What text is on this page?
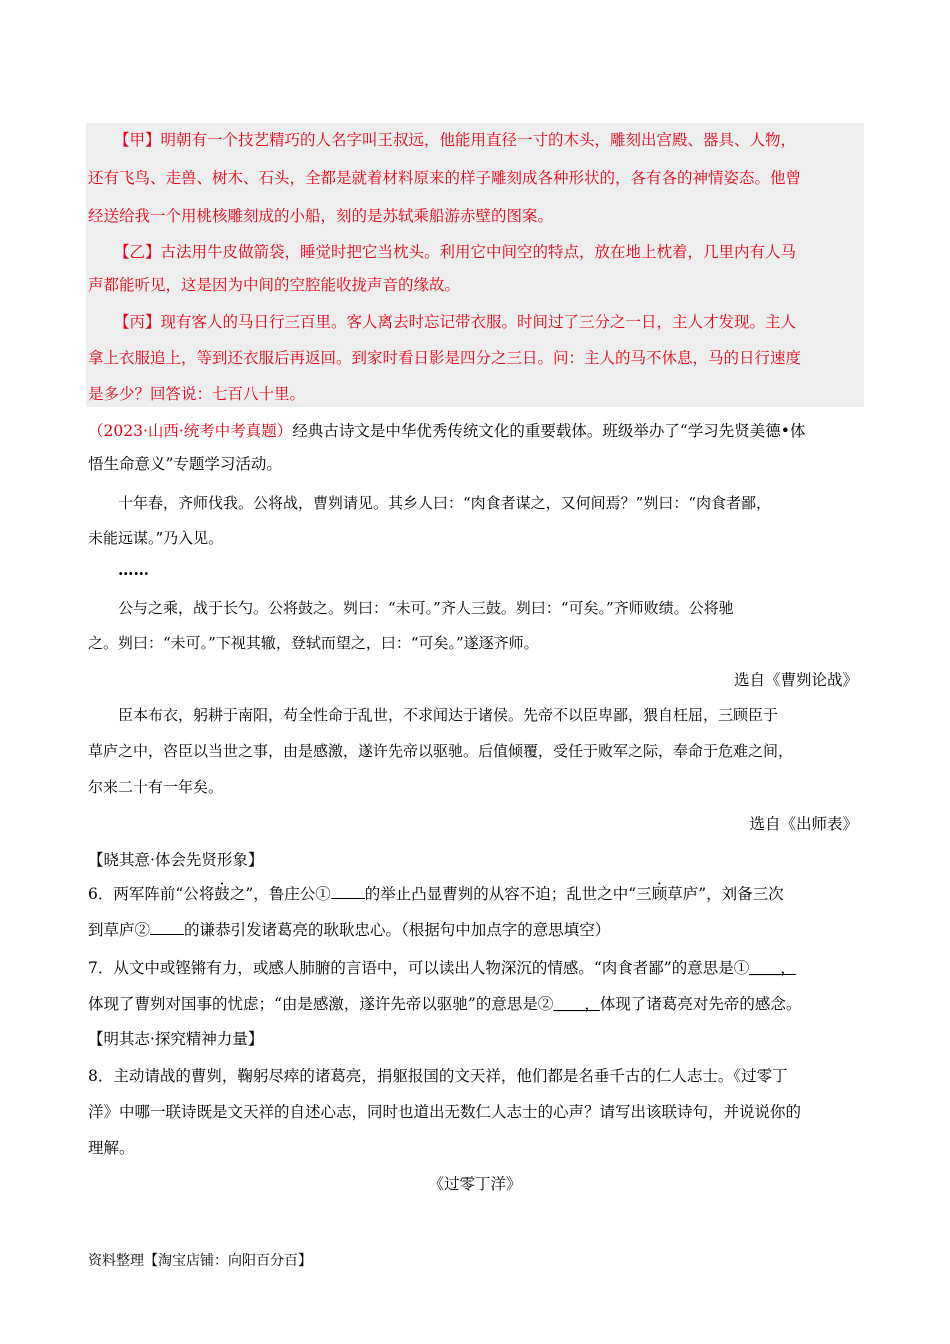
【甲】明朝有一个技艺精巧的人名字叫王叔远，他能用直径一寸的木头，雕刻出宫殿、器具、人物，
还有飞鸟、走兽、树木、石头，全都是就着材料原来的样子雕刻成各种形状的，各有各的神情姿态。他曾
经送给我一个用桃核雕刻成的小船，刻的是苏轼乘船游赤壁的图案。
【乙】古法用牛皮做箭袋，睡觉时把它当枕头。利用它中间空的特点，放在地上枕着，几里内有人马
声都能听见，这是因为中间的空腔能收拢声音的缘故。
【丙】现有客人的马日行三百里。客人离去时忘记带衣服。时间过了三分之一日，主人才发现。主人
拿上衣服追上，等到还衣服后再返回。到家时看日影是四分之三日。问：主人的马不休息，马的日行速度
是多少？回答说：七百八十里。
（2023·山西·统考中考真题）经典古诗文是中华优秀传统文化的重要载体。班级举办了“学习先贤美德•体
悟生命意义”专题学习活动。
十年春，齐师伐我。公将战，曹刿请见。其乡人曰：“肉食者谋之，又何间焉？”刿曰：“肉食者鄙，
未能远谋。”乃入见。
……
公与之乘，战于长勺。公将鼓之。刿曰：“未可。”齐人三鼓。刿曰：“可矣。”齐师败绩。公将驰
之。刿曰：“未可。”下视其辙，登轼而望之，曰：“可矣。”遂逐齐师。
选自《曹刿论战》
臣本布衣，躬耕于南阳，苟全性命于乱世，不求闻达于诸侯。先帝不以臣卑鄙，猥自枉屈，三顾臣于
草庐之中，咨臣以当世之事，由是感激，遂许先帝以驱驰。后值倾覆，受任于败军之际，奉命于危难之间，
尔来二十有一年矣。
选自《出师表》
【晓其意·体会先贤形象】
6．两军阵前“公将鼓之”，鲁庄公① 的举止凸显曹刿的从容不迫；乱世之中“三顾草庐”，刘备三次
到草庐② 的谦恭引发诸葛亮的耿耿忠心。（根据句中加点字的意思填空）
7．从文中或铿锵有力，或感人肺腑的言语中，可以读出人物深沉的情感。“肉食者鄙”的意思是①＿＿，
体现了曹刿对国事的忧虑；“由是感激，遂许先帝以驱驰”的意思是②＿＿，体现了诸葛亮对先帝的感念。
【明其志·探究精神力量】
8．主动请战的曹刿，鞠躬尽瘁的诸葛亮，捐躯报国的文天祥，他们都是名垂千古的仁人志士。《过零丁
洋》中哪一联诗既是文天祥的自述心志，同时也道出无数仁人志士的心声？请写出该联诗句，并说说你的
理解。
《过零丁洋》
资料整理【淘宝店铺：向阳百分百】
